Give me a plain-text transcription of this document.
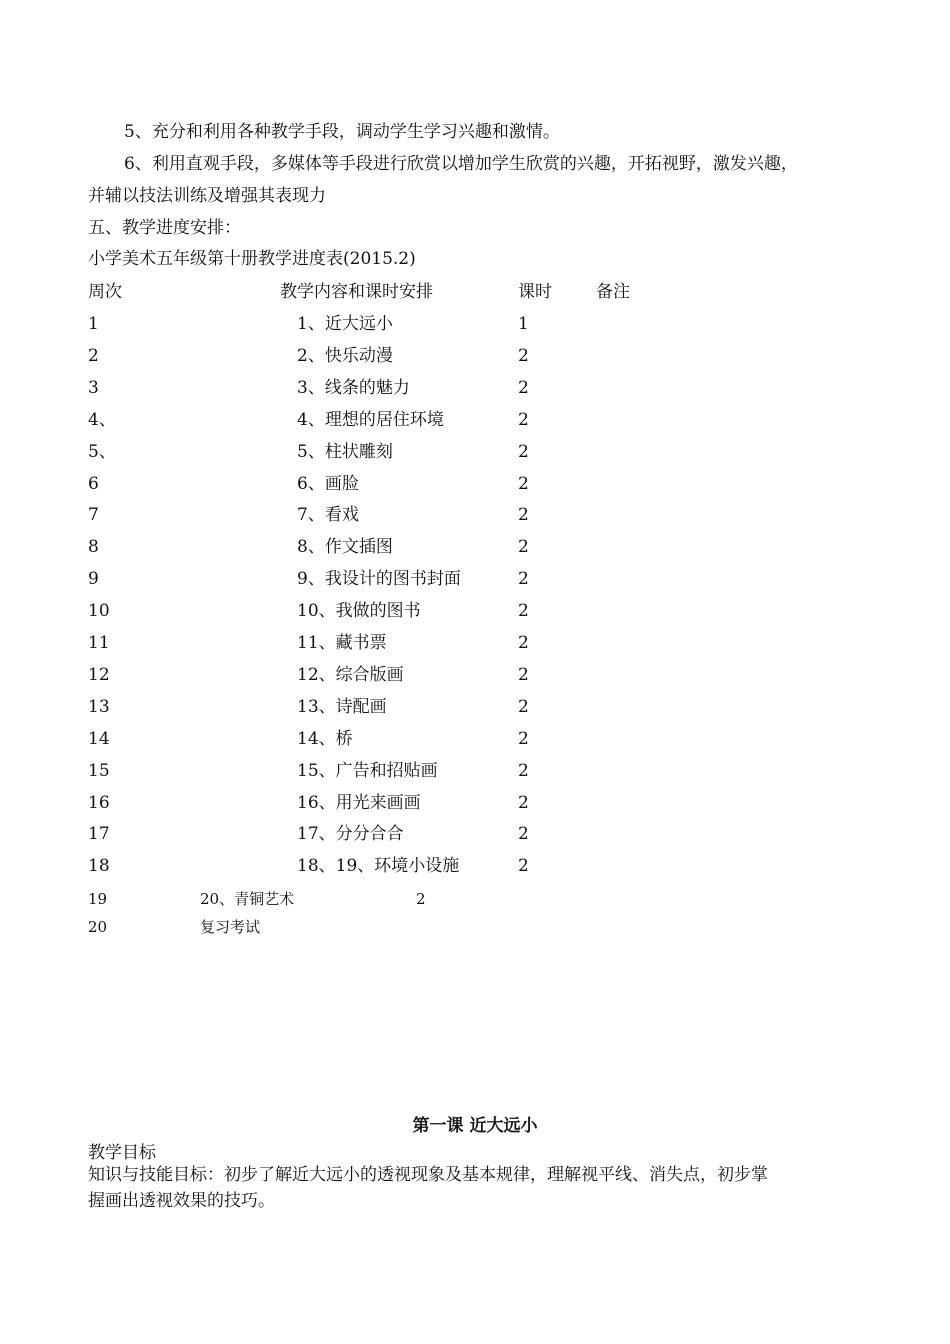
5、充分和利用各种教学手段，调动学生学习兴趣和激情。
6、利用直观手段，多媒体等手段进行欣赏以增加学生欣赏的兴趣，开拓视野，激发兴趣，
并辅以技法训练及增强其表现力
五、教学进度安排：
小学美术五年级第十册教学进度表(2015.2)
周次	教学内容和课时安排	课时	备注
1	1、近大远小	1
2	2、快乐动漫	2
3	3、线条的魅力	2
4、	4、理想的居住环境	2
5、	5、柱状雕刻	2
6	6、画脸	2
7	7、看戏	2
8	8、作文插图	2
9	9、我设计的图书封面	2
10	10、我做的图书	2
11	11、藏书票	2
12	12、综合版画	2
13	13、诗配画	2
14	14、桥	2
15	15、广告和招贴画	2
16	16、用光来画画	2
17	17、分分合合	2
18	18、19、环境小设施	2
19	20、青铜艺术	2
20	复习考试
第一课 近大远小
教学目标
知识与技能目标：初步了解近大远小的透视现象及基本规律，理解视平线、消失点，初步掌
握画出透视效果的技巧。
